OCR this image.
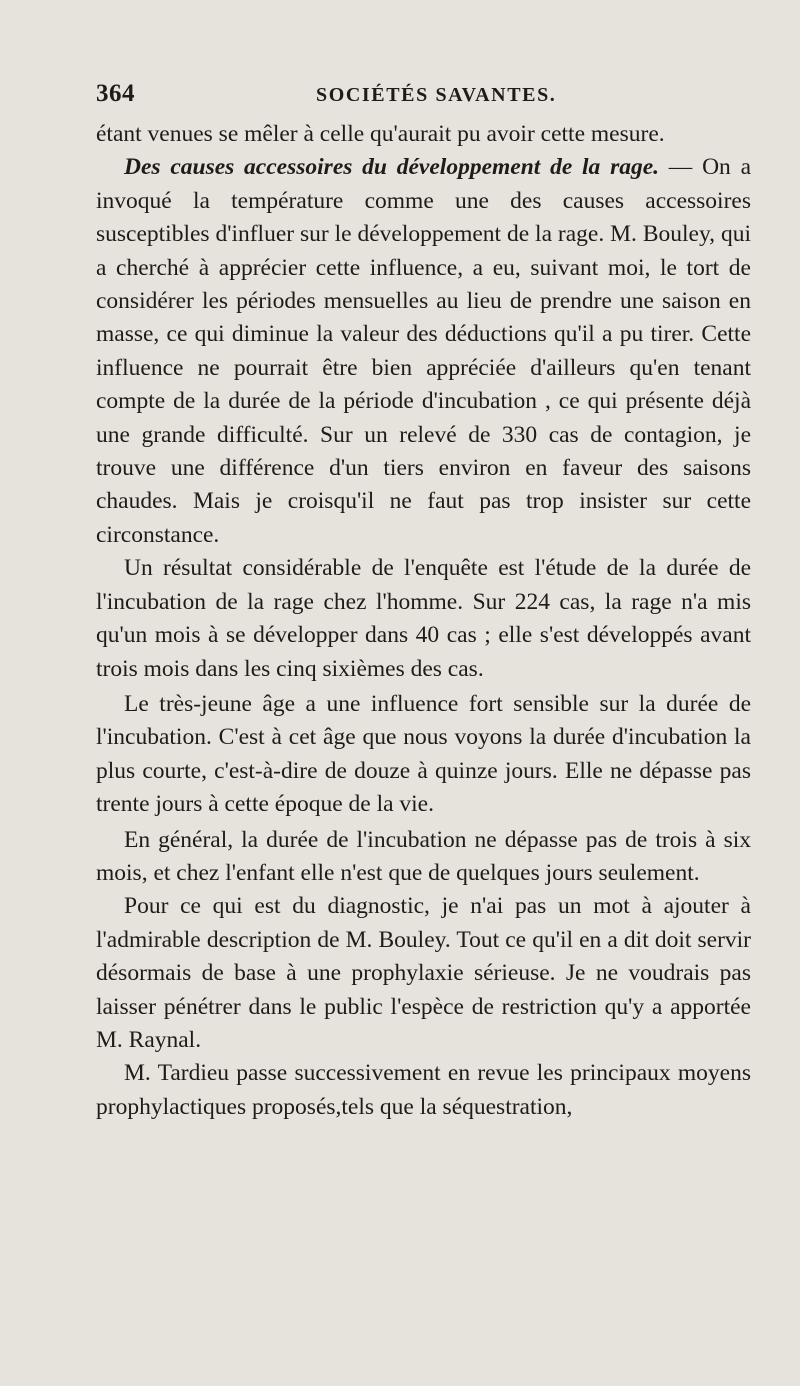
364	SOCIÉTÉS SAVANTES.

étant venues se mêler à celle qu'aurait pu avoir cette mesure.

Des causes accessoires du développement de la rage. — On a invoqué la température comme une des causes accessoires susceptibles d'influer sur le développement de la rage. M. Bouley, qui a cherché à apprécier cette influence, a eu, suivant moi, le tort de considérer les périodes mensuelles au lieu de prendre une saison en masse, ce qui diminue la valeur des déductions qu'il a pu tirer. Cette influence ne pourrait être bien appréciée d'ailleurs qu'en tenant compte de la durée de la période d'incubation , ce qui présente déjà une grande difficulté. Sur un relevé de 330 cas de contagion, je trouve une différence d'un tiers environ en faveur des saisons chaudes. Mais je croisqu'il ne faut pas trop insister sur cette circonstance.

Un résultat considérable de l'enquête est l'étude de la durée de l'incubation de la rage chez l'homme. Sur 224 cas, la rage n'a mis qu'un mois à se développer dans 40 cas ; elle s'est développés avant trois mois dans les cinq sixièmes des cas.

Le très-jeune âge a une influence fort sensible sur la durée de l'incubation. C'est à cet âge que nous voyons la durée d'incubation la plus courte, c'est-à-dire de douze à quinze jours. Elle ne dépasse pas trente jours à cette époque de la vie.

En général, la durée de l'incubation ne dépasse pas de trois à six mois, et chez l'enfant elle n'est que de quelques jours seulement.

Pour ce qui est du diagnostic, je n'ai pas un mot à ajouter à l'admirable description de M. Bouley. Tout ce qu'il en a dit doit servir désormais de base à une prophylaxie sérieuse. Je ne voudrais pas laisser pénétrer dans le public l'espèce de restriction qu'y a apportée M. Raynal.

M. Tardieu passe successivement en revue les principaux moyens prophylactiques proposés,tels que la séquestration,
